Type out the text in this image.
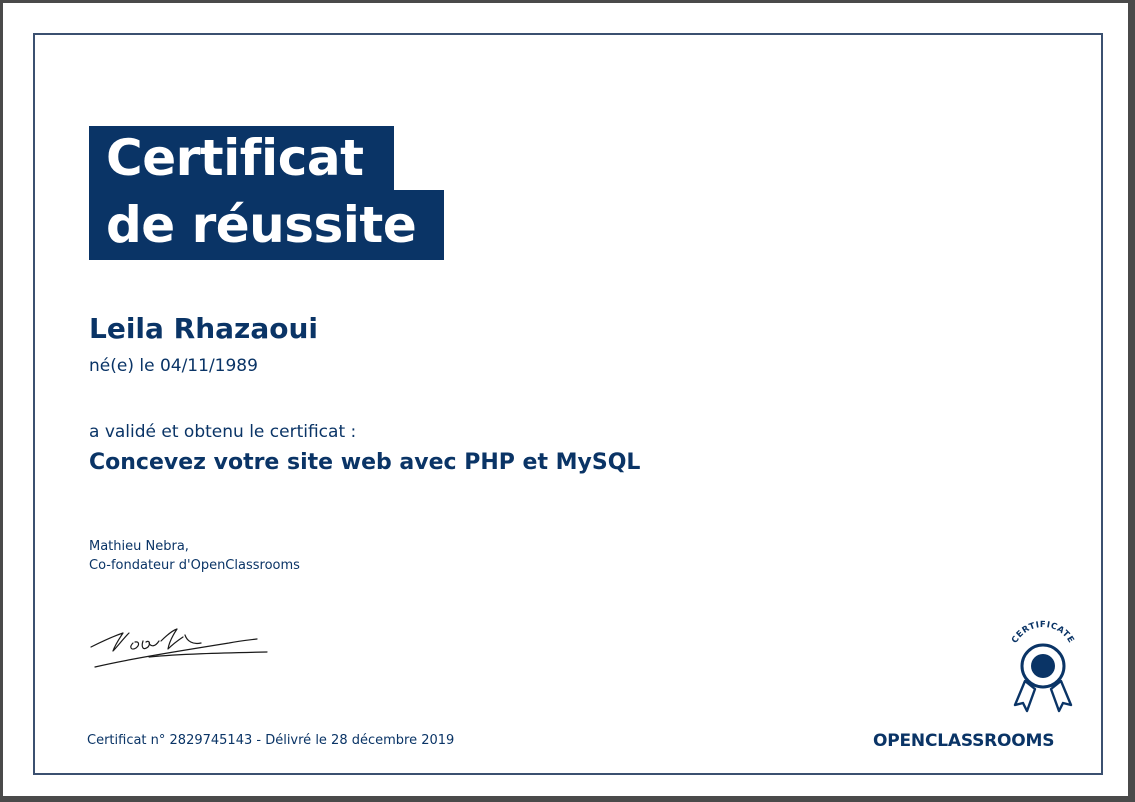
Certificat
de réussite
Leila Rhazaoui
né(e) le 04/11/1989
a validé et obtenu le certificat :
Concevez votre site web avec PHP et MySQL
Mathieu Nebra,
Co-fondateur d'OpenClassrooms
Certificat n° 2829745143 - Délivré le 28 décembre 2019
CERTIFICATE
OPENCLASSROOMS
